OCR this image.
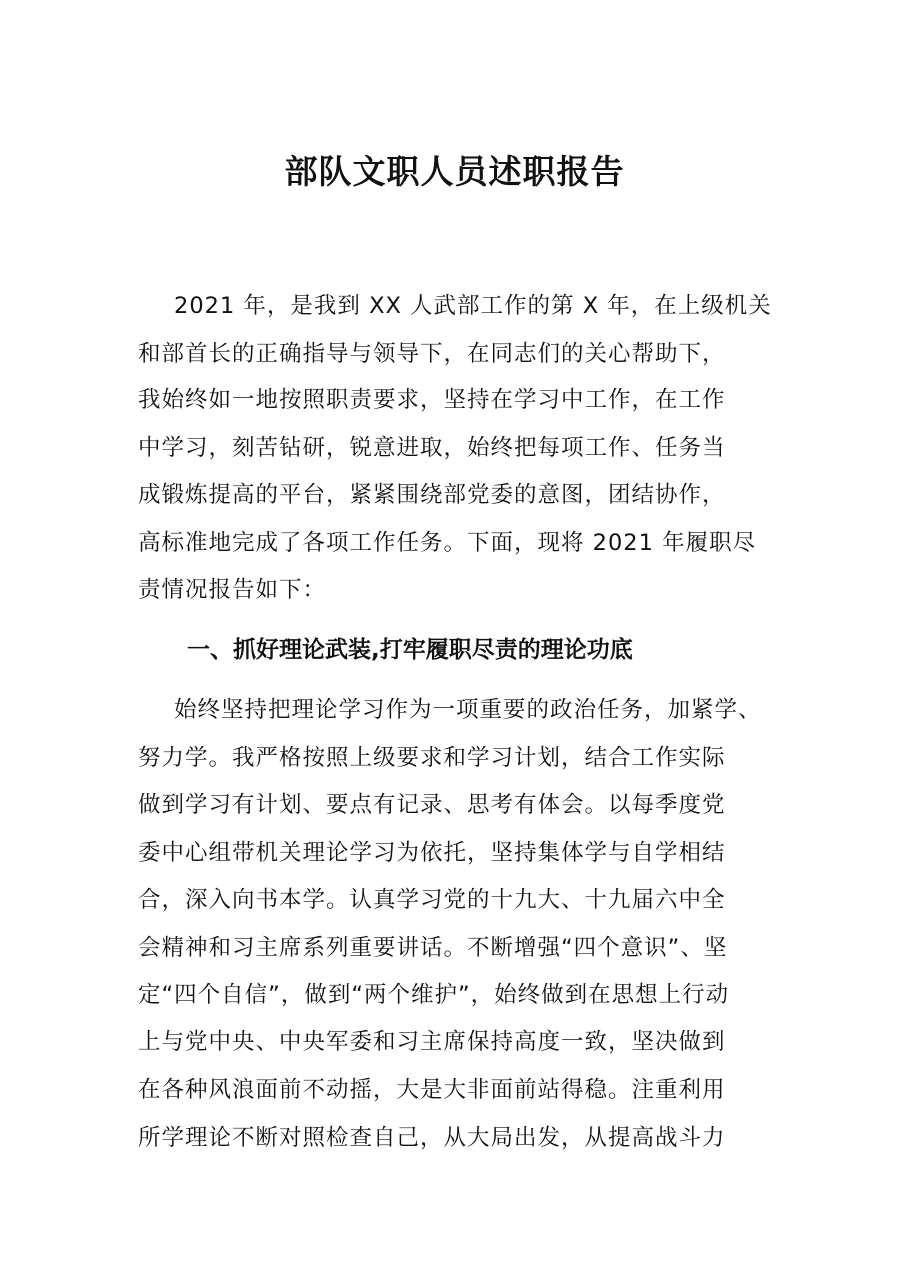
部队文职人员述职报告

2021 年，是我到 XX 人武部工作的第 X 年，在上级机关

和部首长的正确指导与领导下，在同志们的关心帮助下，

我始终如一地按照职责要求，坚持在学习中工作，在工作

中学习，刻苦钻研，锐意进取，始终把每项工作、任务当

成锻炼提高的平台，紧紧围绕部党委的意图，团结协作，

高标准地完成了各项工作任务。下面，现将 2021 年履职尽

责情况报告如下：

一、抓好理论武装,打牢履职尽责的理论功底

始终坚持把理论学习作为一项重要的政治任务，加紧学、

努力学。我严格按照上级要求和学习计划，结合工作实际

做到学习有计划、要点有记录、思考有体会。以每季度党

委中心组带机关理论学习为依托，坚持集体学与自学相结

合，深入向书本学。认真学习党的十九大、十九届六中全

会精神和习主席系列重要讲话。不断增强“四个意识”、坚

定“四个自信”，做到“两个维护”，始终做到在思想上行动

上与党中央、中央军委和习主席保持高度一致，坚决做到

在各种风浪面前不动摇，大是大非面前站得稳。注重利用

所学理论不断对照检查自己，从大局出发，从提高战斗力
